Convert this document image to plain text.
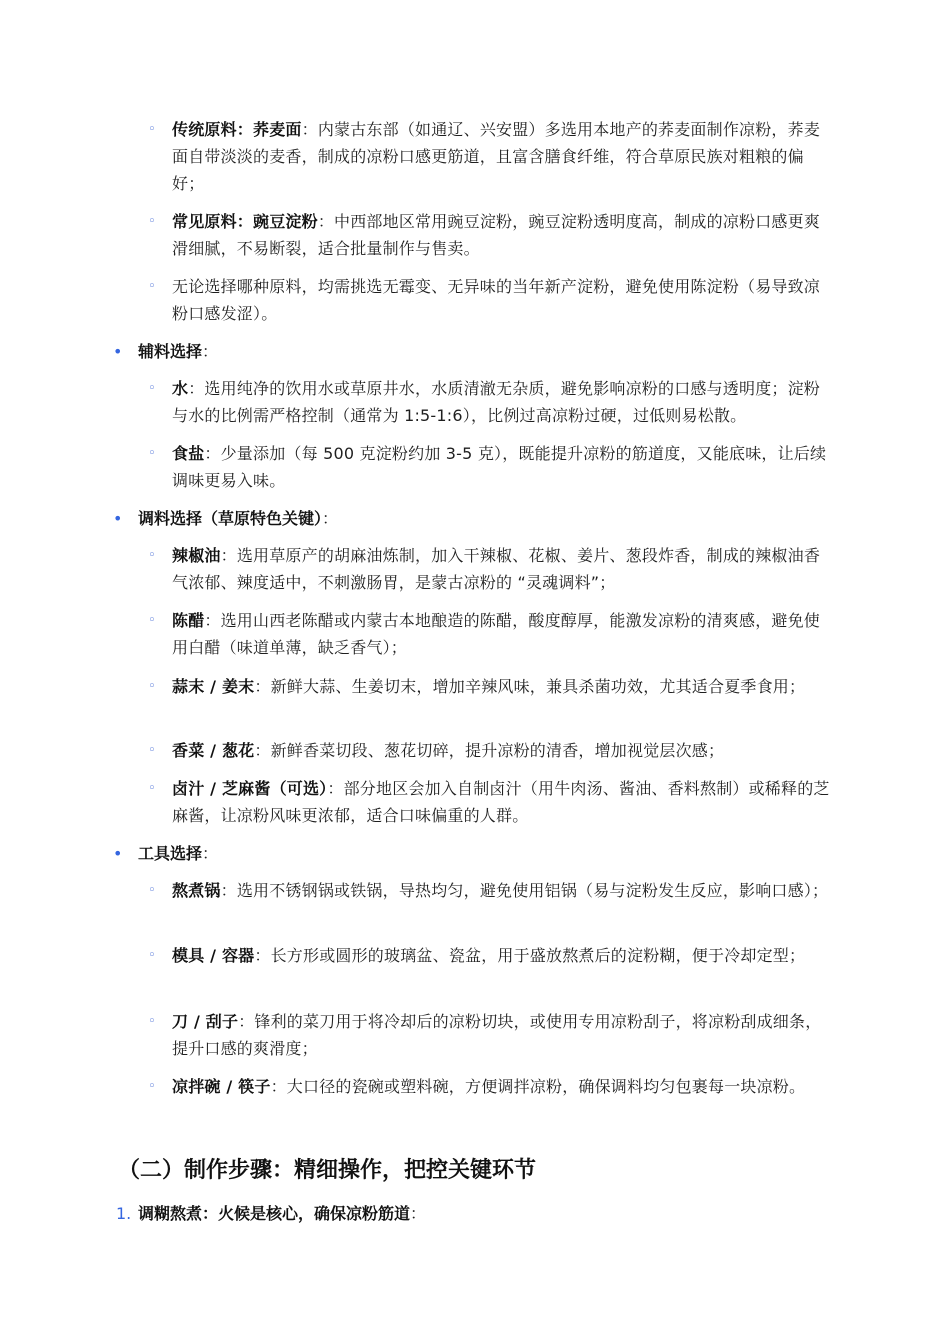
◦ 传统原料：荞麦面：内蒙古东部（如通辽、兴安盟）多选用本地产的荞麦面制作凉粉，荞麦面自带淡淡的麦香，制成的凉粉口感更筋道，且富含膳食纤维，符合草原民族对粗粮的偏好；
◦ 常见原料：豌豆淀粉：中西部地区常用豌豆淀粉，豌豆淀粉透明度高，制成的凉粉口感更爽滑细腻，不易断裂，适合批量制作与售卖。
◦ 无论选择哪种原料，均需挑选无霉变、无异味的当年新产淀粉，避免使用陈淀粉（易导致凉粉口感发涩）。
• 辅料选择：
◦ 水：选用纯净的饮用水或草原井水，水质清澈无杂质，避免影响凉粉的口感与透明度；淀粉与水的比例需严格控制（通常为 1:5-1:6），比例过高凉粉过硬，过低则易松散。
◦ 食盐：少量添加（每 500 克淀粉约加 3-5 克），既能提升凉粉的筋道度，又能底味，让后续调味更易入味。
• 调料选择（草原特色关键）：
◦ 辣椒油：选用草原产的胡麻油炼制，加入干辣椒、花椒、姜片、葱段炸香，制成的辣椒油香气浓郁、辣度适中，不刺激肠胃，是蒙古凉粉的 “灵魂调料”；
◦ 陈醋：选用山西老陈醋或内蒙古本地酿造的陈醋，酸度醇厚，能激发凉粉的清爽感，避免使用白醋（味道单薄，缺乏香气）；
◦ 蒜末 / 姜末：新鲜大蒜、生姜切末，增加辛辣风味，兼具杀菌功效，尤其适合夏季食用；
◦ 香菜 / 葱花：新鲜香菜切段、葱花切碎，提升凉粉的清香，增加视觉层次感；
◦ 卤汁 / 芝麻酱（可选）：部分地区会加入自制卤汁（用牛肉汤、酱油、香料熬制）或稀释的芝麻酱，让凉粉风味更浓郁，适合口味偏重的人群。
• 工具选择：
◦ 熬煮锅：选用不锈钢锅或铁锅，导热均匀，避免使用铝锅（易与淀粉发生反应，影响口感）；
◦ 模具 / 容器：长方形或圆形的玻璃盆、瓷盆，用于盛放熬煮后的淀粉糊，便于冷却定型；
◦ 刀 / 刮子：锋利的菜刀用于将冷却后的凉粉切块，或使用专用凉粉刮子，将凉粉刮成细条，提升口感的爽滑度；
◦ 凉拌碗 / 筷子：大口径的瓷碗或塑料碗，方便调拌凉粉，确保调料均匀包裹每一块凉粉。
（二）制作步骤：精细操作，把控关键环节
1. 调糊熬煮：火候是核心，确保凉粉筋道：
